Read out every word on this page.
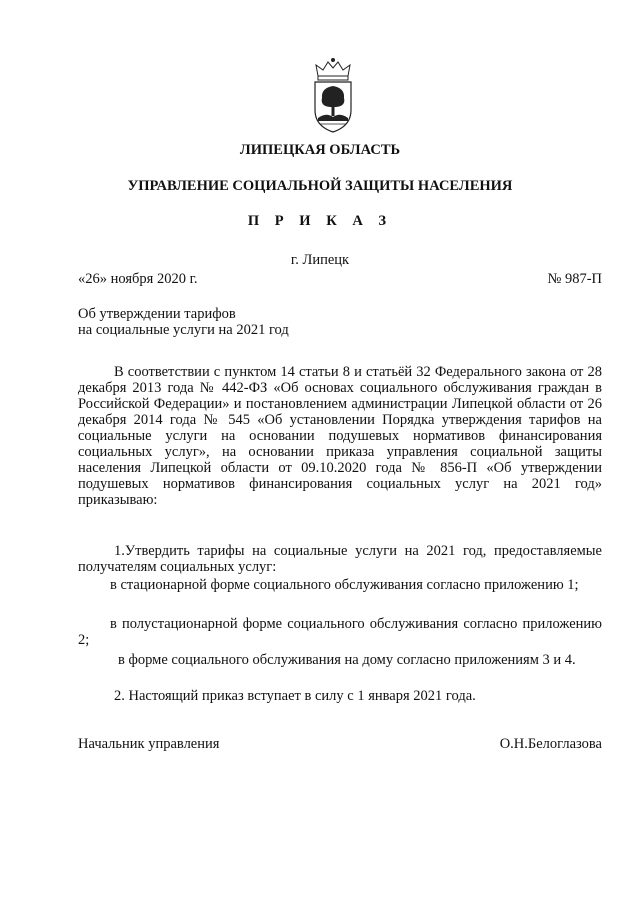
ЛИПЕЦКАЯ ОБЛАСТЬ
УПРАВЛЕНИЕ СОЦИАЛЬНОЙ ЗАЩИТЫ НАСЕЛЕНИЯ
П Р И К А З
г. Липецк
«26» ноября 2020 г.	№ 987-П
Об утверждении тарифов
на социальные услуги на 2021 год
В соответствии с пунктом 14 статьи 8 и статьёй 32 Федерального закона от 28 декабря 2013 года № 442-ФЗ «Об основах социального обслуживания граждан в Российской Федерации» и постановлением администрации Липецкой области от 26 декабря 2014 года № 545 «Об установлении Порядка утверждения тарифов на социальные услуги на основании подушевых нормативов финансирования социальных услуг», на основании приказа управления социальной защиты населения Липецкой области от 09.10.2020 года № 856-П «Об утверждении подушевых нормативов финансирования социальных услуг на 2021 год» приказываю:
1.Утвердить тарифы на социальные услуги на 2021 год, предоставляемые получателям социальных услуг:
в стационарной форме социального обслуживания согласно приложению 1;
в полустационарной форме социального обслуживания согласно приложению 2;
в форме социального обслуживания на дому согласно приложениям 3 и 4.
2. Настоящий приказ вступает в силу с 1 января 2021 года.
Начальник управления	О.Н.Белоглазова
